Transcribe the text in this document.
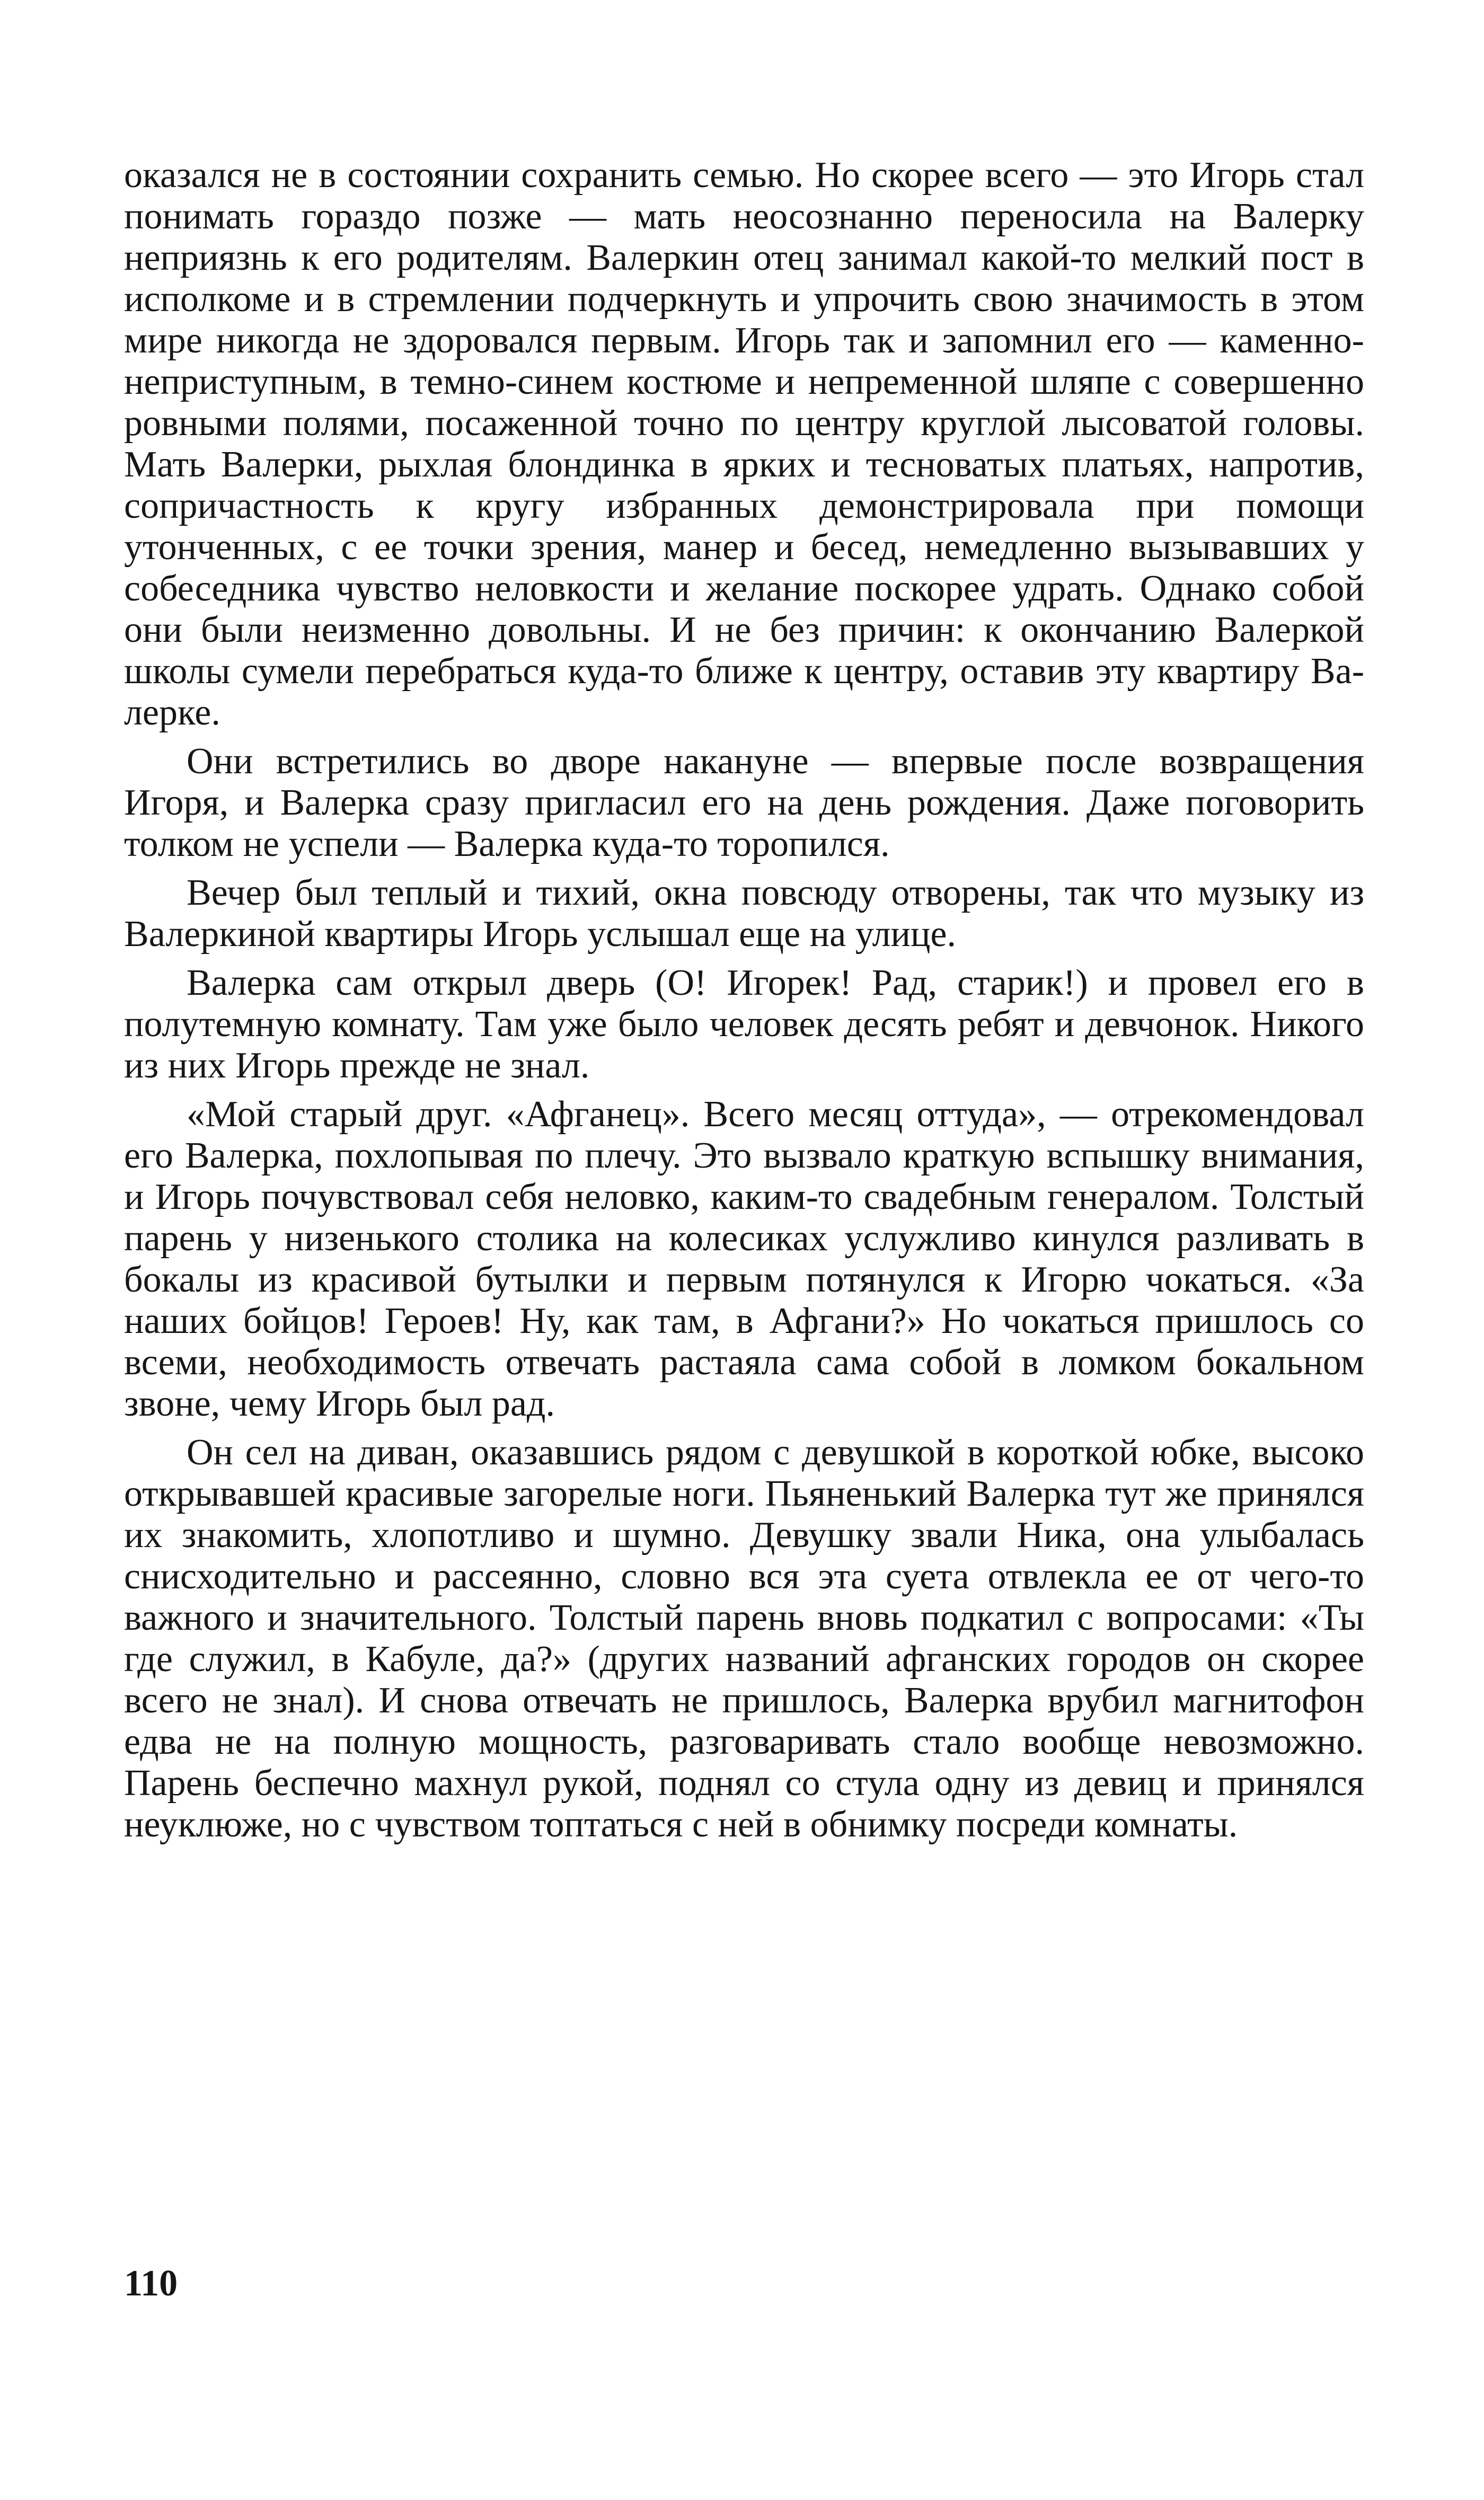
оказался не в состоянии сохранить семью. Но скорее всего — это Игорь стал понимать гораздо позже — мать неосознанно переносила на Валерку неприязнь к его родителям. Валеркин отец занимал какой-то мелкий пост в исполкоме и в стремлении подчеркнуть и упрочить свою значимость в этом мире никогда не здоровался первым. Игорь так и запомнил его — каменно-неприступным, в темно-синем костюме и непременной шляпе с совершенно ровными полями, посаженной точно по центру круглой лысоватой головы. Мать Валерки, рыхлая блондинка в ярких и тесноватых платьях, напротив, сопричастность к кругу избранных демонстрировала при помощи утонченных, с ее точки зрения, манер и бесед, немедленно вызывавших у собеседника чувство неловкости и желание поскорее удрать. Однако собой они были неизменно довольны. И не без причин: к окончанию Валеркой школы сумели перебраться куда-то ближе к центру, оставив эту квартиру Валерке.

Они встретились во дворе накануне — впервые после возвращения Игоря, и Валерка сразу пригласил его на день рождения. Даже поговорить толком не успели — Валерка куда-то торопился.

Вечер был теплый и тихий, окна повсюду отворены, так что музыку из Валеркиной квартиры Игорь услышал еще на улице.

Валерка сам открыл дверь (О! Игорек! Рад, старик!) и провел его в полутемную комнату. Там уже было человек десять ребят и девчонок. Никого из них Игорь прежде не знал.

«Мой старый друг. «Афганец». Всего месяц оттуда», — отрекомендовал его Валерка, похлопывая по плечу. Это вызвало краткую вспышку внимания, и Игорь почувствовал себя неловко, каким-то свадебным генералом. Толстый парень у низенького столика на колесиках услужливо кинулся разливать в бокалы из красивой бутылки и первым потянулся к Игорю чокаться. «За наших бойцов! Героев! Ну, как там, в Афгани?» Но чокаться пришлось со всеми, необходимость отвечать растаяла сама собой в ломком бокальном звоне, чему Игорь был рад.

Он сел на диван, оказавшись рядом с девушкой в короткой юбке, высоко открывавшей красивые загорелые ноги. Пьяненький Валерка тут же принялся их знакомить, хлопотливо и шумно. Девушку звали Ника, она улыбалась снисходительно и рассеянно, словно вся эта суета отвлекла ее от чего-то важного и значительного. Толстый парень вновь подкатил с вопросами: «Ты где служил, в Кабуле, да?» (других названий афганских городов он скорее всего не знал). И снова отвечать не пришлось, Валерка врубил магнитофон едва не на полную мощность, разговаривать стало вообще невозможно. Парень беспечно махнул рукой, поднял со стула одну из девиц и принялся неуклюже, но с чувством топтаться с ней в обнимку посреди комнаты.

110
